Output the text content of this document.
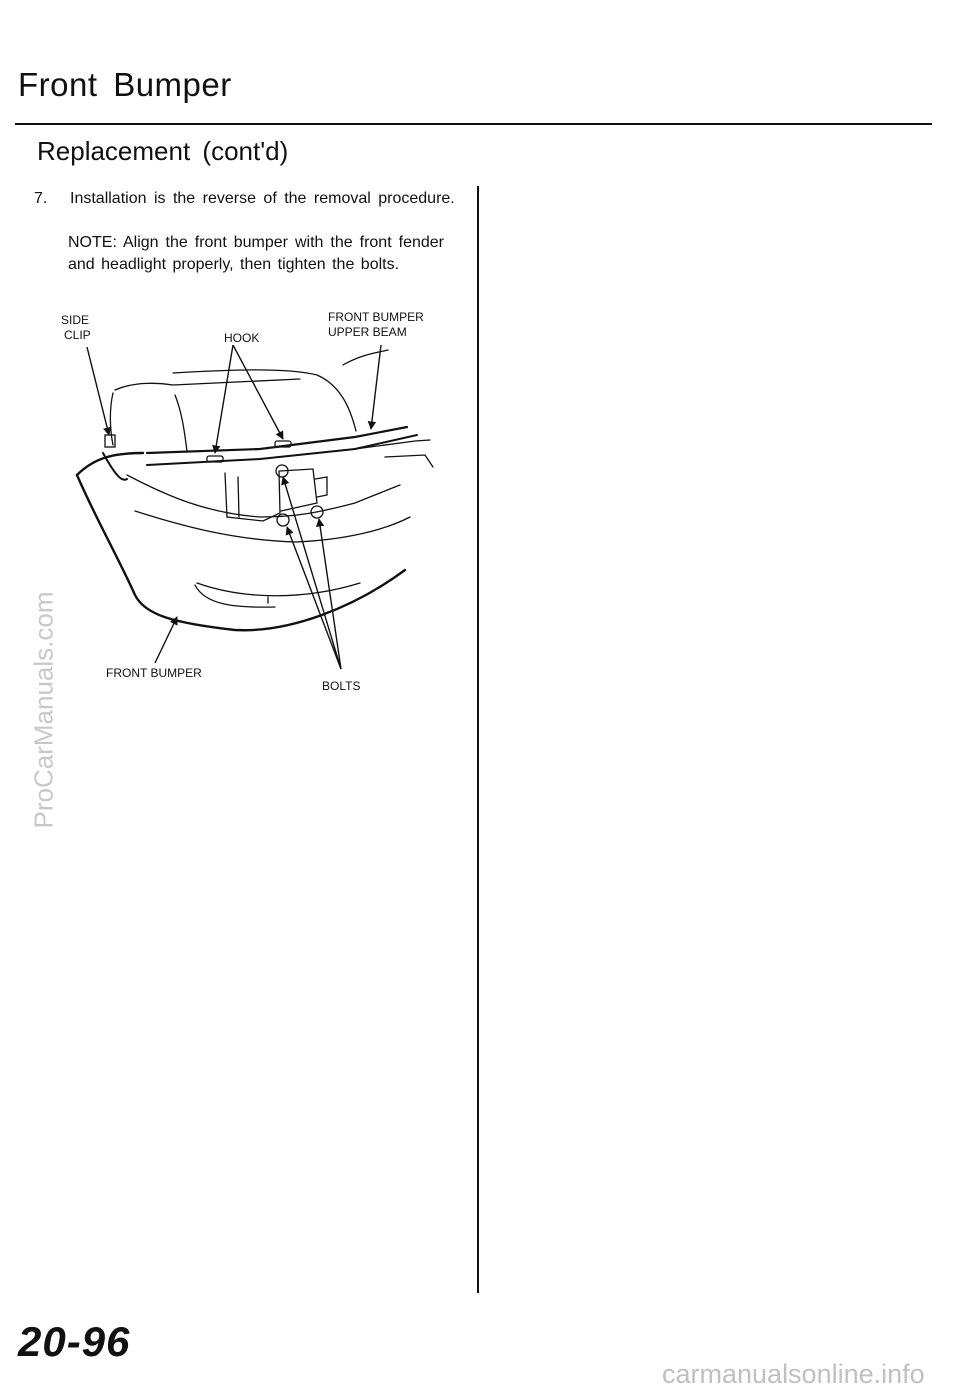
Front Bumper
Replacement (cont'd)
7. Installation is the reverse of the removal procedure.
NOTE: Align the front bumper with the front fender and headlight properly, then tighten the bolts.
SIDE
CLIP	HOOK
FRONT BUMPER
UPPER BEAM
FRONT BUMPER
BOLTS
20-96
ProCarManuals.com
carmanualsonline.info
